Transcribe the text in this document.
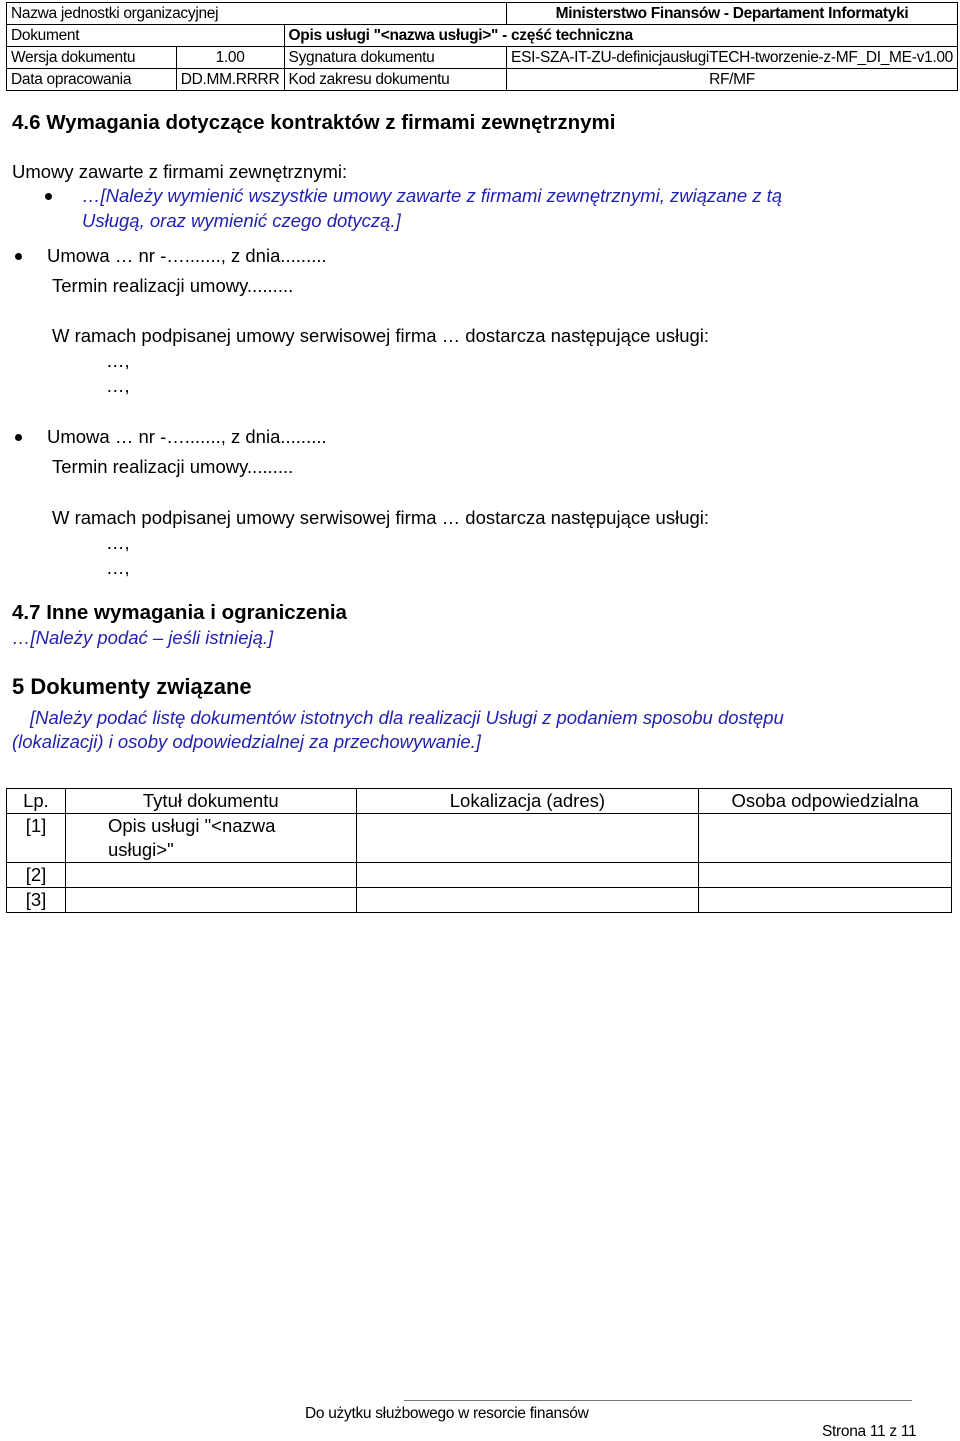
Nazwa jednostki organizacyjnej			Ministerstwo Finansów - Departament Informatyki
Dokument		Opis usługi "<nazwa usługi>" - część techniczna	
Wersja dokumentu	1.00	Sygnatura dokumentu	ESI-SZA-IT-ZU-definicjausługiTECH-tworzenie-z-MF_DI_ME-v1.00
Data opracowania	DD.MM.RRRR	Kod zakresu dokumentu	RF/MF
4.6 Wymagania dotyczące kontraktów z firmami zewnętrznymi
Umowy zawarte z firmami zewnętrznymi:
…[Należy wymienić wszystkie umowy zawarte z firmami zewnętrznymi, związane z tą
Usługą, oraz wymienić czego dotyczą.]
Umowa … nr -…......., z dnia.........
Termin realizacji umowy.........
W ramach podpisanej umowy serwisowej firma … dostarcza następujące usługi:
…,
…,
Umowa … nr -…......., z dnia.........
Termin realizacji umowy.........
W ramach podpisanej umowy serwisowej firma … dostarcza następujące usługi:
…,
…,
4.7 Inne wymagania i ograniczenia
…[Należy podać – jeśli istnieją.]
5 Dokumenty związane
[Należy podać listę dokumentów istotnych dla realizacji Usługi z podaniem sposobu dostępu
(lokalizacji) i osoby odpowiedzialnej za przechowywanie.]
Lp.	Tytuł dokumentu	Lokalizacja (adres)	Osoba odpowiedzialna
[1]	Opis usługi "<nazwa
usługi>"		
[2]			
[3]			
Do użytku służbowego w resorcie finansów
Strona 11 z 11
